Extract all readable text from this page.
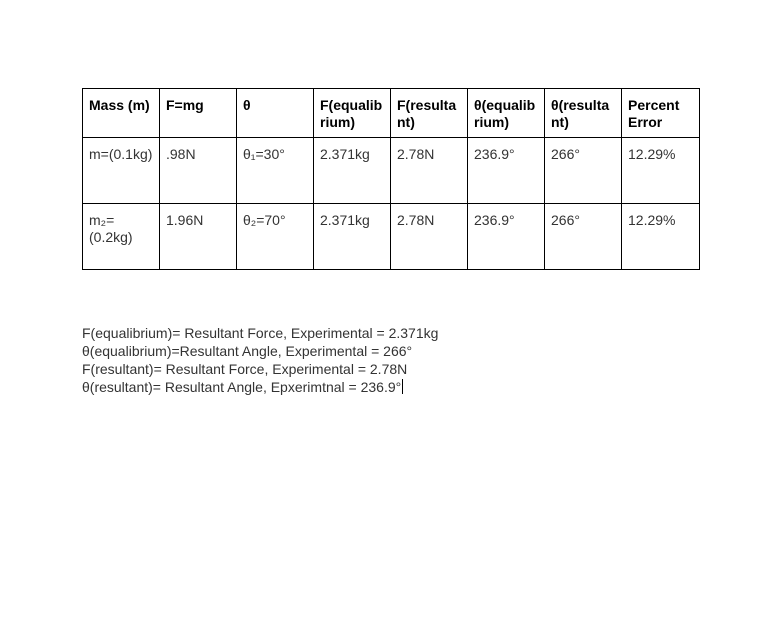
Mass (m)	F=mg	θ	F(equalibrium)	F(resultant)	θ(equalibrium)	θ(resultant)	Percent Error
m=(0.1kg)	.98N	θ₁=30°	2.371kg	2.78N	236.9°	266°	12.29%
m₂=(0.2kg)	1.96N	θ₂=70°	2.371kg	2.78N	236.9°	266°	12.29%
F(equalibrium)= Resultant Force, Experimental = 2.371kg
θ(equalibrium)=Resultant Angle, Experimental = 266°
F(resultant)= Resultant Force, Experimental = 2.78N
θ(resultant)= Resultant Angle, Epxerimtnal = 236.9°
